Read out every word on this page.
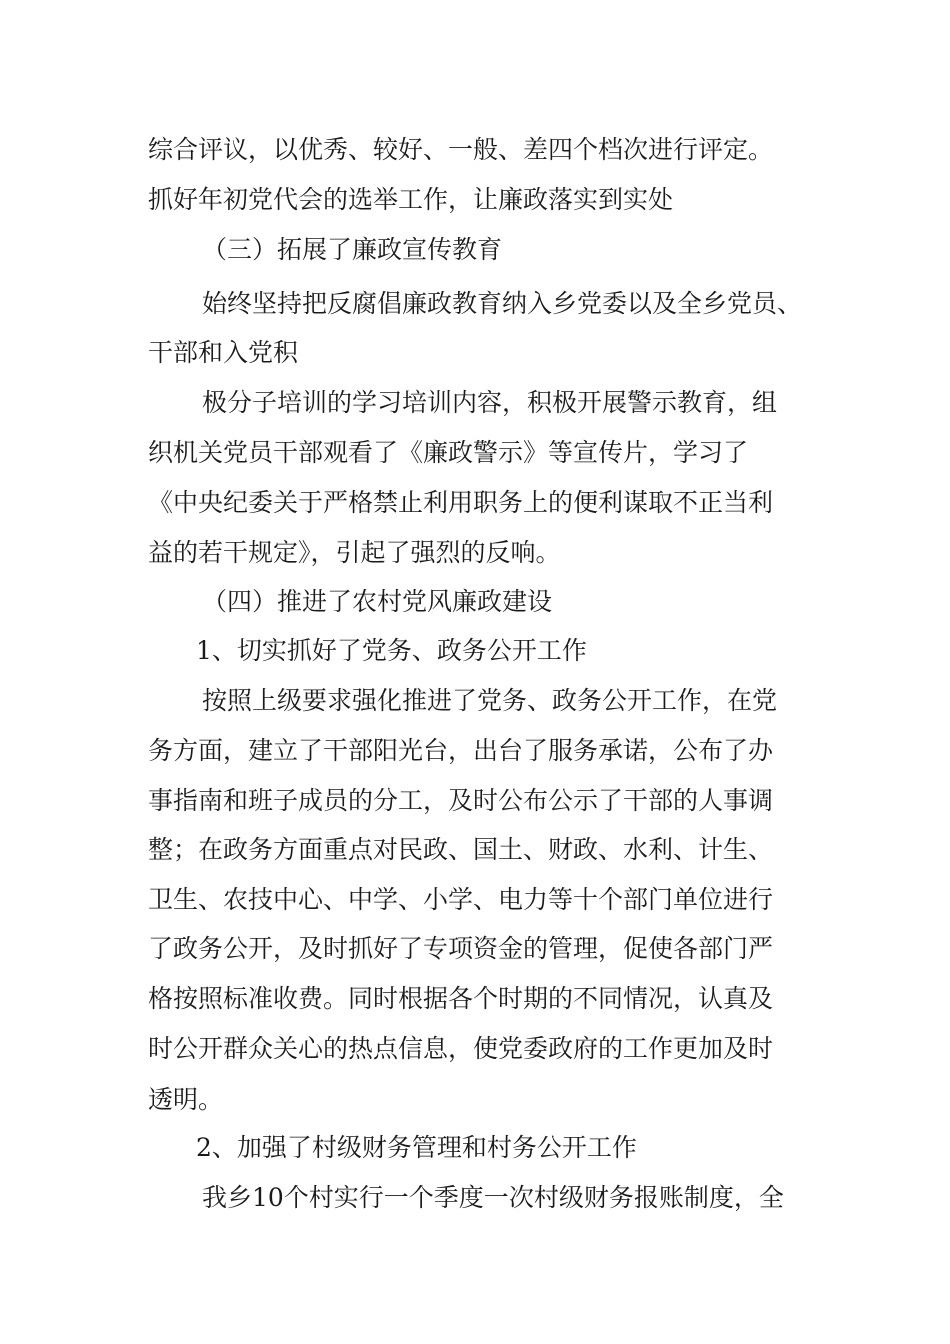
综合评议，以优秀、较好、一般、差四个档次进行评定。
抓好年初党代会的选举工作，让廉政落实到实处
（三）拓展了廉政宣传教育
始终坚持把反腐倡廉政教育纳入乡党委以及全乡党员、
干部和入党积
极分子培训的学习培训内容，积极开展警示教育，组
织机关党员干部观看了《廉政警示》等宣传片，学习了
《中央纪委关于严格禁止利用职务上的便利谋取不正当利
益的若干规定》，引起了强烈的反响。
（四）推进了农村党风廉政建设
1、切实抓好了党务、政务公开工作
按照上级要求强化推进了党务、政务公开工作，在党
务方面，建立了干部阳光台，出台了服务承诺，公布了办
事指南和班子成员的分工，及时公布公示了干部的人事调
整；在政务方面重点对民政、国土、财政、水利、计生、
卫生、农技中心、中学、小学、电力等十个部门单位进行
了政务公开，及时抓好了专项资金的管理，促使各部门严
格按照标准收费。同时根据各个时期的不同情况，认真及
时公开群众关心的热点信息，使党委政府的工作更加及时
透明。
2、加强了村级财务管理和村务公开工作
我乡10个村实行一个季度一次村级财务报账制度，全
